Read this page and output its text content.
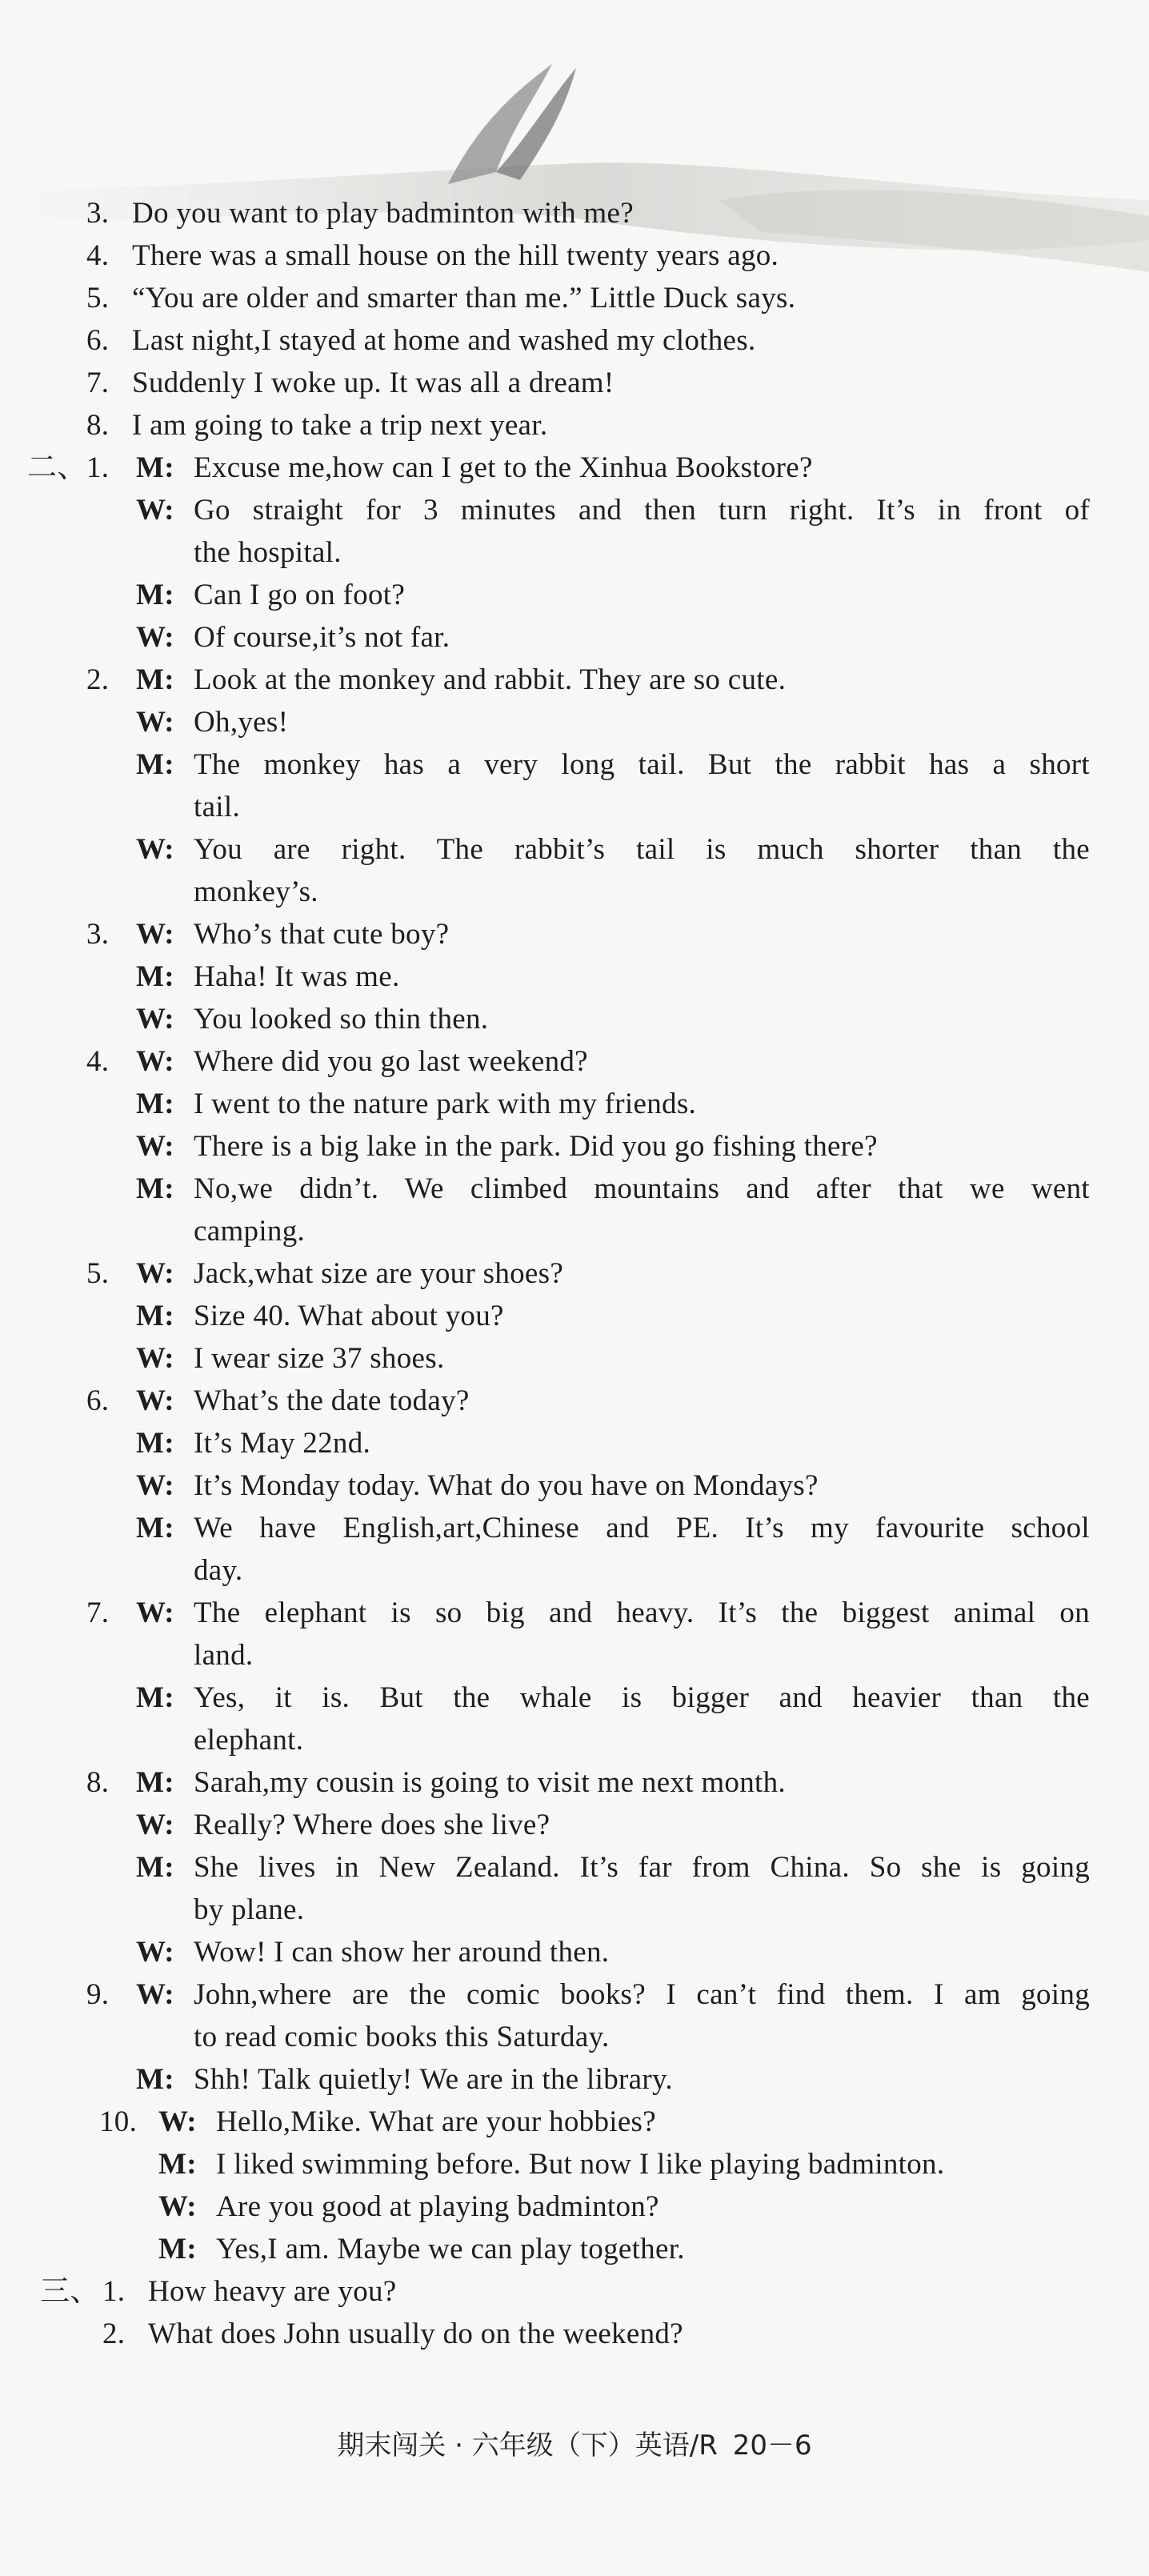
3. Do you want to play badminton with me?
4. There was a small house on the hill twenty years ago.
5. “You are older and smarter than me.” Little Duck says.
6. Last night,I stayed at home and washed my clothes.
7. Suddenly I woke up. It was all a dream!
8. I am going to take a trip next year.
二、 1. M: Excuse me,how can I get to the Xinhua Bookstore?
W: Go straight for 3 minutes and then turn right. It’s in front of
the hospital.
M: Can I go on foot?
W: Of course,it’s not far.
2. M: Look at the monkey and rabbit. They are so cute.
W: Oh,yes!
M: The monkey has a very long tail. But the rabbit has a short
tail.
W: You are right. The rabbit’s tail is much shorter than the
monkey’s.
3. W: Who’s that cute boy?
M: Haha! It was me.
W: You looked so thin then.
4. W: Where did you go last weekend?
M: I went to the nature park with my friends.
W: There is a big lake in the park. Did you go fishing there?
M: No,we didn’t. We climbed mountains and after that we went
camping.
5. W: Jack,what size are your shoes?
M: Size 40. What about you?
W: I wear size 37 shoes.
6. W: What’s the date today?
M: It’s May 22nd.
W: It’s Monday today. What do you have on Mondays?
M: We have English,art,Chinese and PE. It’s my favourite school
day.
7. W: The elephant is so big and heavy. It’s the biggest animal on
land.
M: Yes, it is. But the whale is bigger and heavier than the
elephant.
8. M: Sarah,my cousin is going to visit me next month.
W: Really? Where does she live?
M: She lives in New Zealand. It’s far from China. So she is going
by plane.
W: Wow! I can show her around then.
9. W: John,where are the comic books? I can’t find them. I am going
to read comic books this Saturday.
M: Shh! Talk quietly! We are in the library.
10. W: Hello,Mike. What are your hobbies?
M: I liked swimming before. But now I like playing badminton.
W: Are you good at playing badminton?
M: Yes,I am. Maybe we can play together.
三、 1. How heavy are you?
2. What does John usually do on the weekend?
期末闯关 · 六年级（下）英语/R 20－6
